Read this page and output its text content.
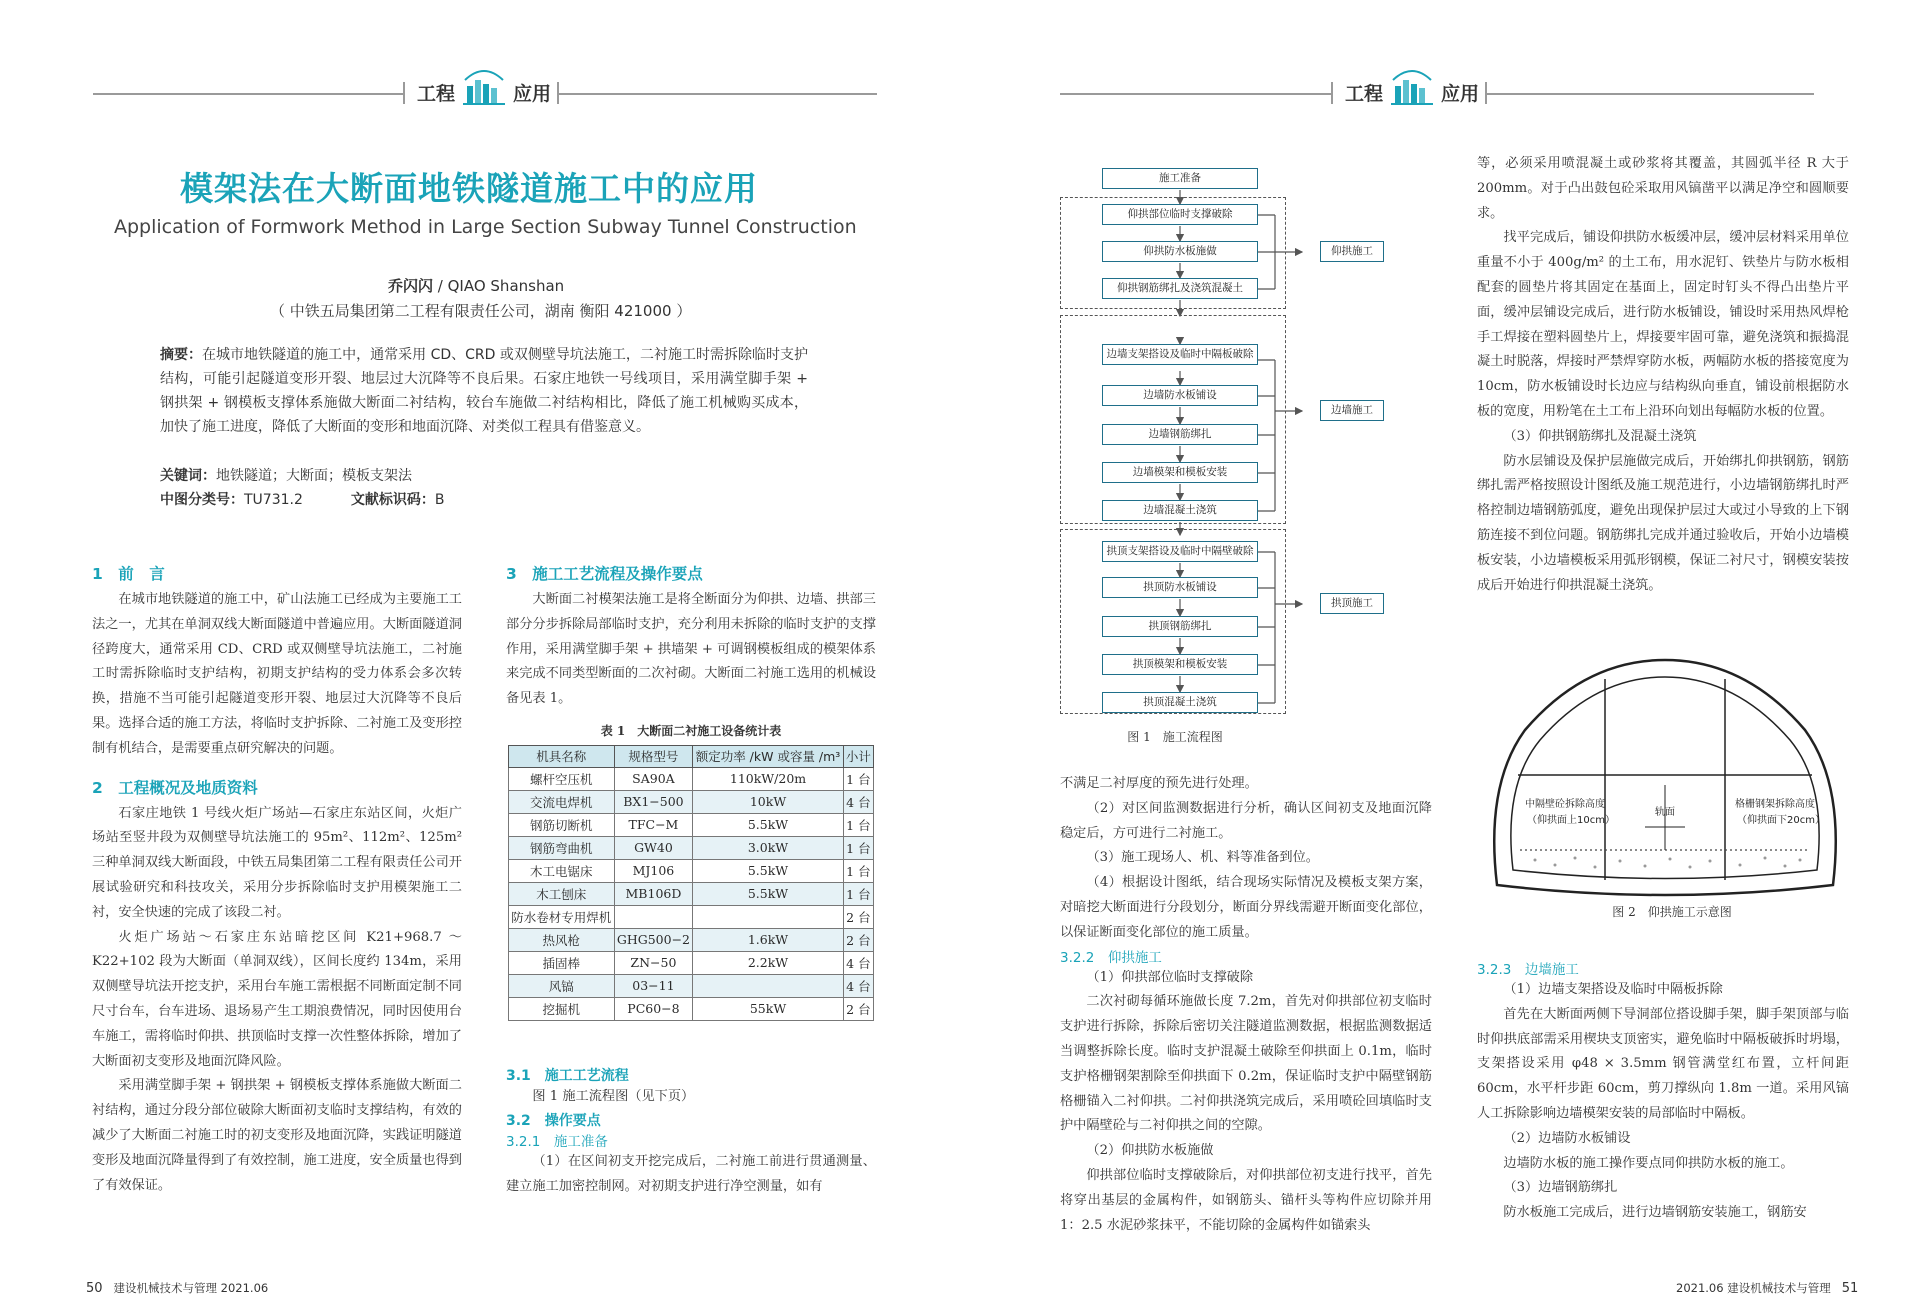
工程	应用
模架法在大断面地铁隧道施工中的应用
Application of Formwork Method in Large Section Subway Tunnel Construction
乔闪闪 / QIAO Shanshan
（ 中铁五局集团第二工程有限责任公司，湖南 衡阳 421000 ）
摘要：在城市地铁隧道的施工中，通常采用 CD、CRD 或双侧壁导坑法施工，二衬施工时需拆除临时支护结构，可能引起隧道变形开裂、地层过大沉降等不良后果。石家庄地铁一号线项目，采用满堂脚手架 + 钢拱架 + 钢模板支撑体系施做大断面二衬结构，较台车施做二衬结构相比，降低了施工机械购买成本，加快了施工进度，降低了大断面的变形和地面沉降、对类似工程具有借鉴意义。
关键词：地铁隧道；大断面；模板支架法
中图分类号：TU731.2	文献标识码：B
1　前　言
在城市地铁隧道的施工中，矿山法施工已经成为主要施工工法之一，尤其在单洞双线大断面隧道中普遍应用。大断面隧道洞径跨度大，通常采用 CD、CRD 或双侧壁导坑法施工，二衬施工时需拆除临时支护结构，初期支护结构的受力体系会多次转换，措施不当可能引起隧道变形开裂、地层过大沉降等不良后果。选择合适的施工方法，将临时支护拆除、二衬施工及变形控制有机结合，是需要重点研究解决的问题。
2　工程概况及地质资料
石家庄地铁 1 号线火炬广场站—石家庄东站区间，火炬广场站至竖井段为双侧壁导坑法施工的 95m²、112m²、125m² 三种单洞双线大断面段，中铁五局集团第二工程有限责任公司开展试验研究和科技攻关，采用分步拆除临时支护用模架施工二衬，安全快速的完成了该段二衬。
火炬广场站～石家庄东站暗挖区间 K21+968.7 ～ K22+102 段为大断面（单洞双线），区间长度约 134m，采用双侧壁导坑法开挖支护，采用台车施工需根据不同断面定制不同尺寸台车，台车进场、退场易产生工期浪费情况，同时因使用台车施工，需将临时仰拱、拱顶临时支撑一次性整体拆除，增加了大断面初支变形及地面沉降风险。
采用满堂脚手架 + 钢拱架 + 钢模板支撑体系施做大断面二衬结构，通过分段分部位破除大断面初支临时支撑结构，有效的减少了大断面二衬施工时的初支变形及地面沉降，实践证明隧道变形及地面沉降量得到了有效控制，施工进度，安全质量也得到了有效保证。
3　施工工艺流程及操作要点
大断面二衬模架法施工是将全断面分为仰拱、边墙、拱部三部分分步拆除局部临时支护，充分利用未拆除的临时支护的支撑作用，采用满堂脚手架 + 拱墙架 + 可调钢模板组成的模架体系来完成不同类型断面的二次衬砌。大断面二衬施工选用的机械设备见表 1。
表 1　大断面二衬施工设备统计表
机具名称	规格型号	额定功率 /kW 或容量 /m³	小计
螺杆空压机	SA90A	110kW/20m	1 台
交流电焊机	BX1−500	10kW	4 台
钢筋切断机	TFC−M	5.5kW	1 台
钢筋弯曲机	GW40	3.0kW	1 台
木工电锯床	MJ106	5.5kW	1 台
木工刨床	MB106D	5.5kW	1 台
防水卷材专用焊机			2 台
热风枪	GHG500−2	1.6kW	2 台
插固棒	ZN−50	2.2kW	4 台
风镐	03−11		4 台
挖掘机	PC60−8	55kW	2 台
3.1　施工工艺流程
图 1 施工流程图（见下页）
3.2　操作要点
3.2.1　施工准备
（1）在区间初支开挖完成后，二衬施工前进行贯通测量、建立施工加密控制网。对初期支护进行净空测量，如有
50 建设机械技术与管理 2021.06
工程	应用
施工准备
仰拱部位临时支撑破除
仰拱防水板施做
仰拱钢筋绑扎及浇筑混凝土
边墙支架搭设及临时中隔板破除
边墙防水板铺设
边墙钢筋绑扎
边墙模架和模板安装
边墙混凝土浇筑
拱顶支架搭设及临时中隔壁破除
拱顶防水板铺设
拱顶钢筋绑扎
拱顶模架和模板安装
拱顶混凝土浇筑
仰拱施工
边墙施工
拱顶施工
图 1　施工流程图
不满足二衬厚度的预先进行处理。
（2）对区间监测数据进行分析，确认区间初支及地面沉降稳定后，方可进行二衬施工。
（3）施工现场人、机、料等准备到位。
（4）根据设计图纸，结合现场实际情况及模板支架方案，对暗挖大断面进行分段划分，断面分界线需避开断面变化部位，以保证断面变化部位的施工质量。
3.2.2　仰拱施工
（1）仰拱部位临时支撑破除
二次衬砌每循环施做长度 7.2m，首先对仰拱部位初支临时支护进行拆除，拆除后密切关注隧道监测数据，根据监测数据适当调整拆除长度。临时支护混凝土破除至仰拱面上 0.1m，临时支护格栅钢架割除至仰拱面下 0.2m，保证临时支护中隔壁钢筋格栅锚入二衬仰拱。二衬仰拱浇筑完成后，采用喷砼回填临时支护中隔壁砼与二衬仰拱之间的空隙。
（2）仰拱防水板施做
仰拱部位临时支撑破除后，对仰拱部位初支进行找平，首先将穿出基层的金属构件，如钢筋头、锚杆头等构件应切除并用 1：2.5 水泥砂浆抹平，不能切除的金属构件如锚索头
等，必须采用喷混凝土或砂浆将其覆盖，其圆弧半径 R 大于 200mm。对于凸出鼓包砼采取用风镐凿平以满足净空和圆顺要求。
找平完成后，铺设仰拱防水板缓冲层，缓冲层材料采用单位重量不小于 400g/m² 的土工布，用水泥钉、铁垫片与防水板相配套的圆垫片将其固定在基面上，固定时钉头不得凸出垫片平面，缓冲层铺设完成后，进行防水板铺设，铺设时采用热风焊枪手工焊接在塑料圆垫片上，焊接要牢固可靠，避免浇筑和振捣混凝土时脱落，焊接时严禁焊穿防水板，两幅防水板的搭接宽度为 10cm，防水板铺设时长边应与结构纵向垂直，铺设前根据防水板的宽度，用粉笔在土工布上沿环向划出每幅防水板的位置。
（3）仰拱钢筋绑扎及混凝土浇筑
防水层铺设及保护层施做完成后，开始绑扎仰拱钢筋，钢筋绑扎需严格按照设计图纸及施工规范进行，小边墙钢筋绑扎时严格控制边墙钢筋弧度，避免出现保护层过大或过小导致的上下钢筋连接不到位问题。钢筋绑扎完成并通过验收后，开始小边墙模板安装，小边墙模板采用弧形钢模，保证二衬尺寸，钢模安装按成后开始进行仰拱混凝土浇筑。
中隔壁砼拆除高度
（仰拱面上10cm）
轨面
格栅钢架拆除高度
（仰拱面下20cm）
图 2　仰拱施工示意图
3.2.3　边墙施工
（1）边墙支架搭设及临时中隔板拆除
首先在大断面两侧下导洞部位搭设脚手架，脚手架顶部与临时仰拱底部需采用楔块支顶密实，避免临时中隔板破拆时坍塌，支架搭设采用 φ48 × 3.5mm 钢管满堂红布置，立杆间距 60cm，水平杆步距 60cm，剪刀撑纵向 1.8m 一道。采用风镐人工拆除影响边墙模架安装的局部临时中隔板。
（2）边墙防水板铺设
边墙防水板的施工操作要点同仰拱防水板的施工。
（3）边墙钢筋绑扎
防水板施工完成后，进行边墙钢筋安装施工，钢筋安
2021.06 建设机械技术与管理 51
